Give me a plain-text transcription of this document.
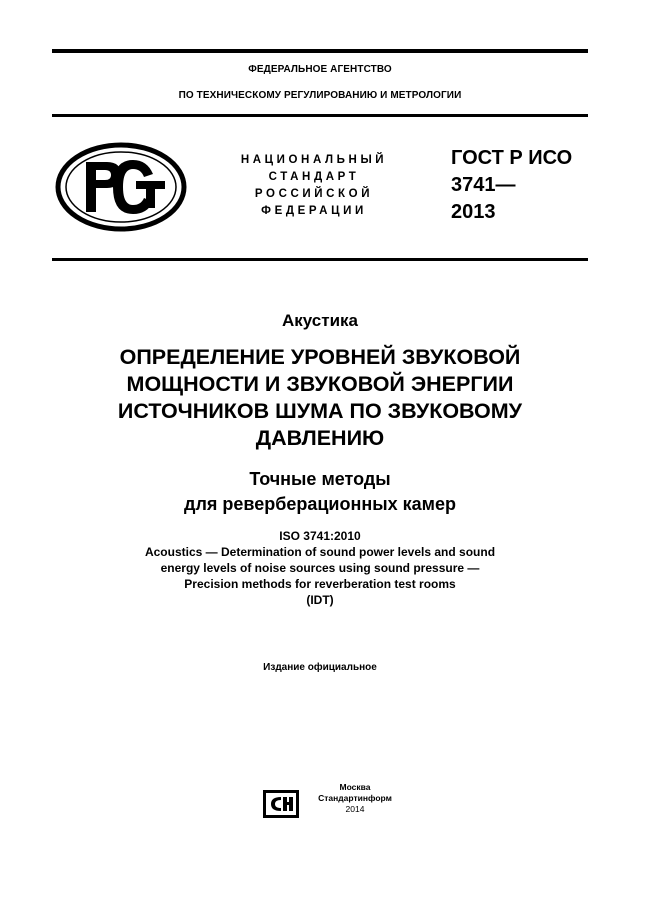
ФЕДЕРАЛЬНОЕ АГЕНТСТВО
ПО ТЕХНИЧЕСКОМУ РЕГУЛИРОВАНИЮ И МЕТРОЛОГИИ
НАЦИОНАЛЬНЫЙ
СТАНДАРТ
РОССИЙСКОЙ
ФЕДЕРАЦИИ
ГОСТ Р ИСО
3741—
2013
Акустика
ОПРЕДЕЛЕНИЕ УРОВНЕЙ ЗВУКОВОЙ
МОЩНОСТИ И ЗВУКОВОЙ ЭНЕРГИИ
ИСТОЧНИКОВ ШУМА ПО ЗВУКОВОМУ
ДАВЛЕНИЮ
Точные методы
для реверберационных камер
ISO 3741:2010
Acoustics — Determination of sound power levels and sound
energy levels of noise sources using sound pressure —
Precision methods for reverberation test rooms
(IDT)
Издание официальное
Москва
Стандартинформ
2014
